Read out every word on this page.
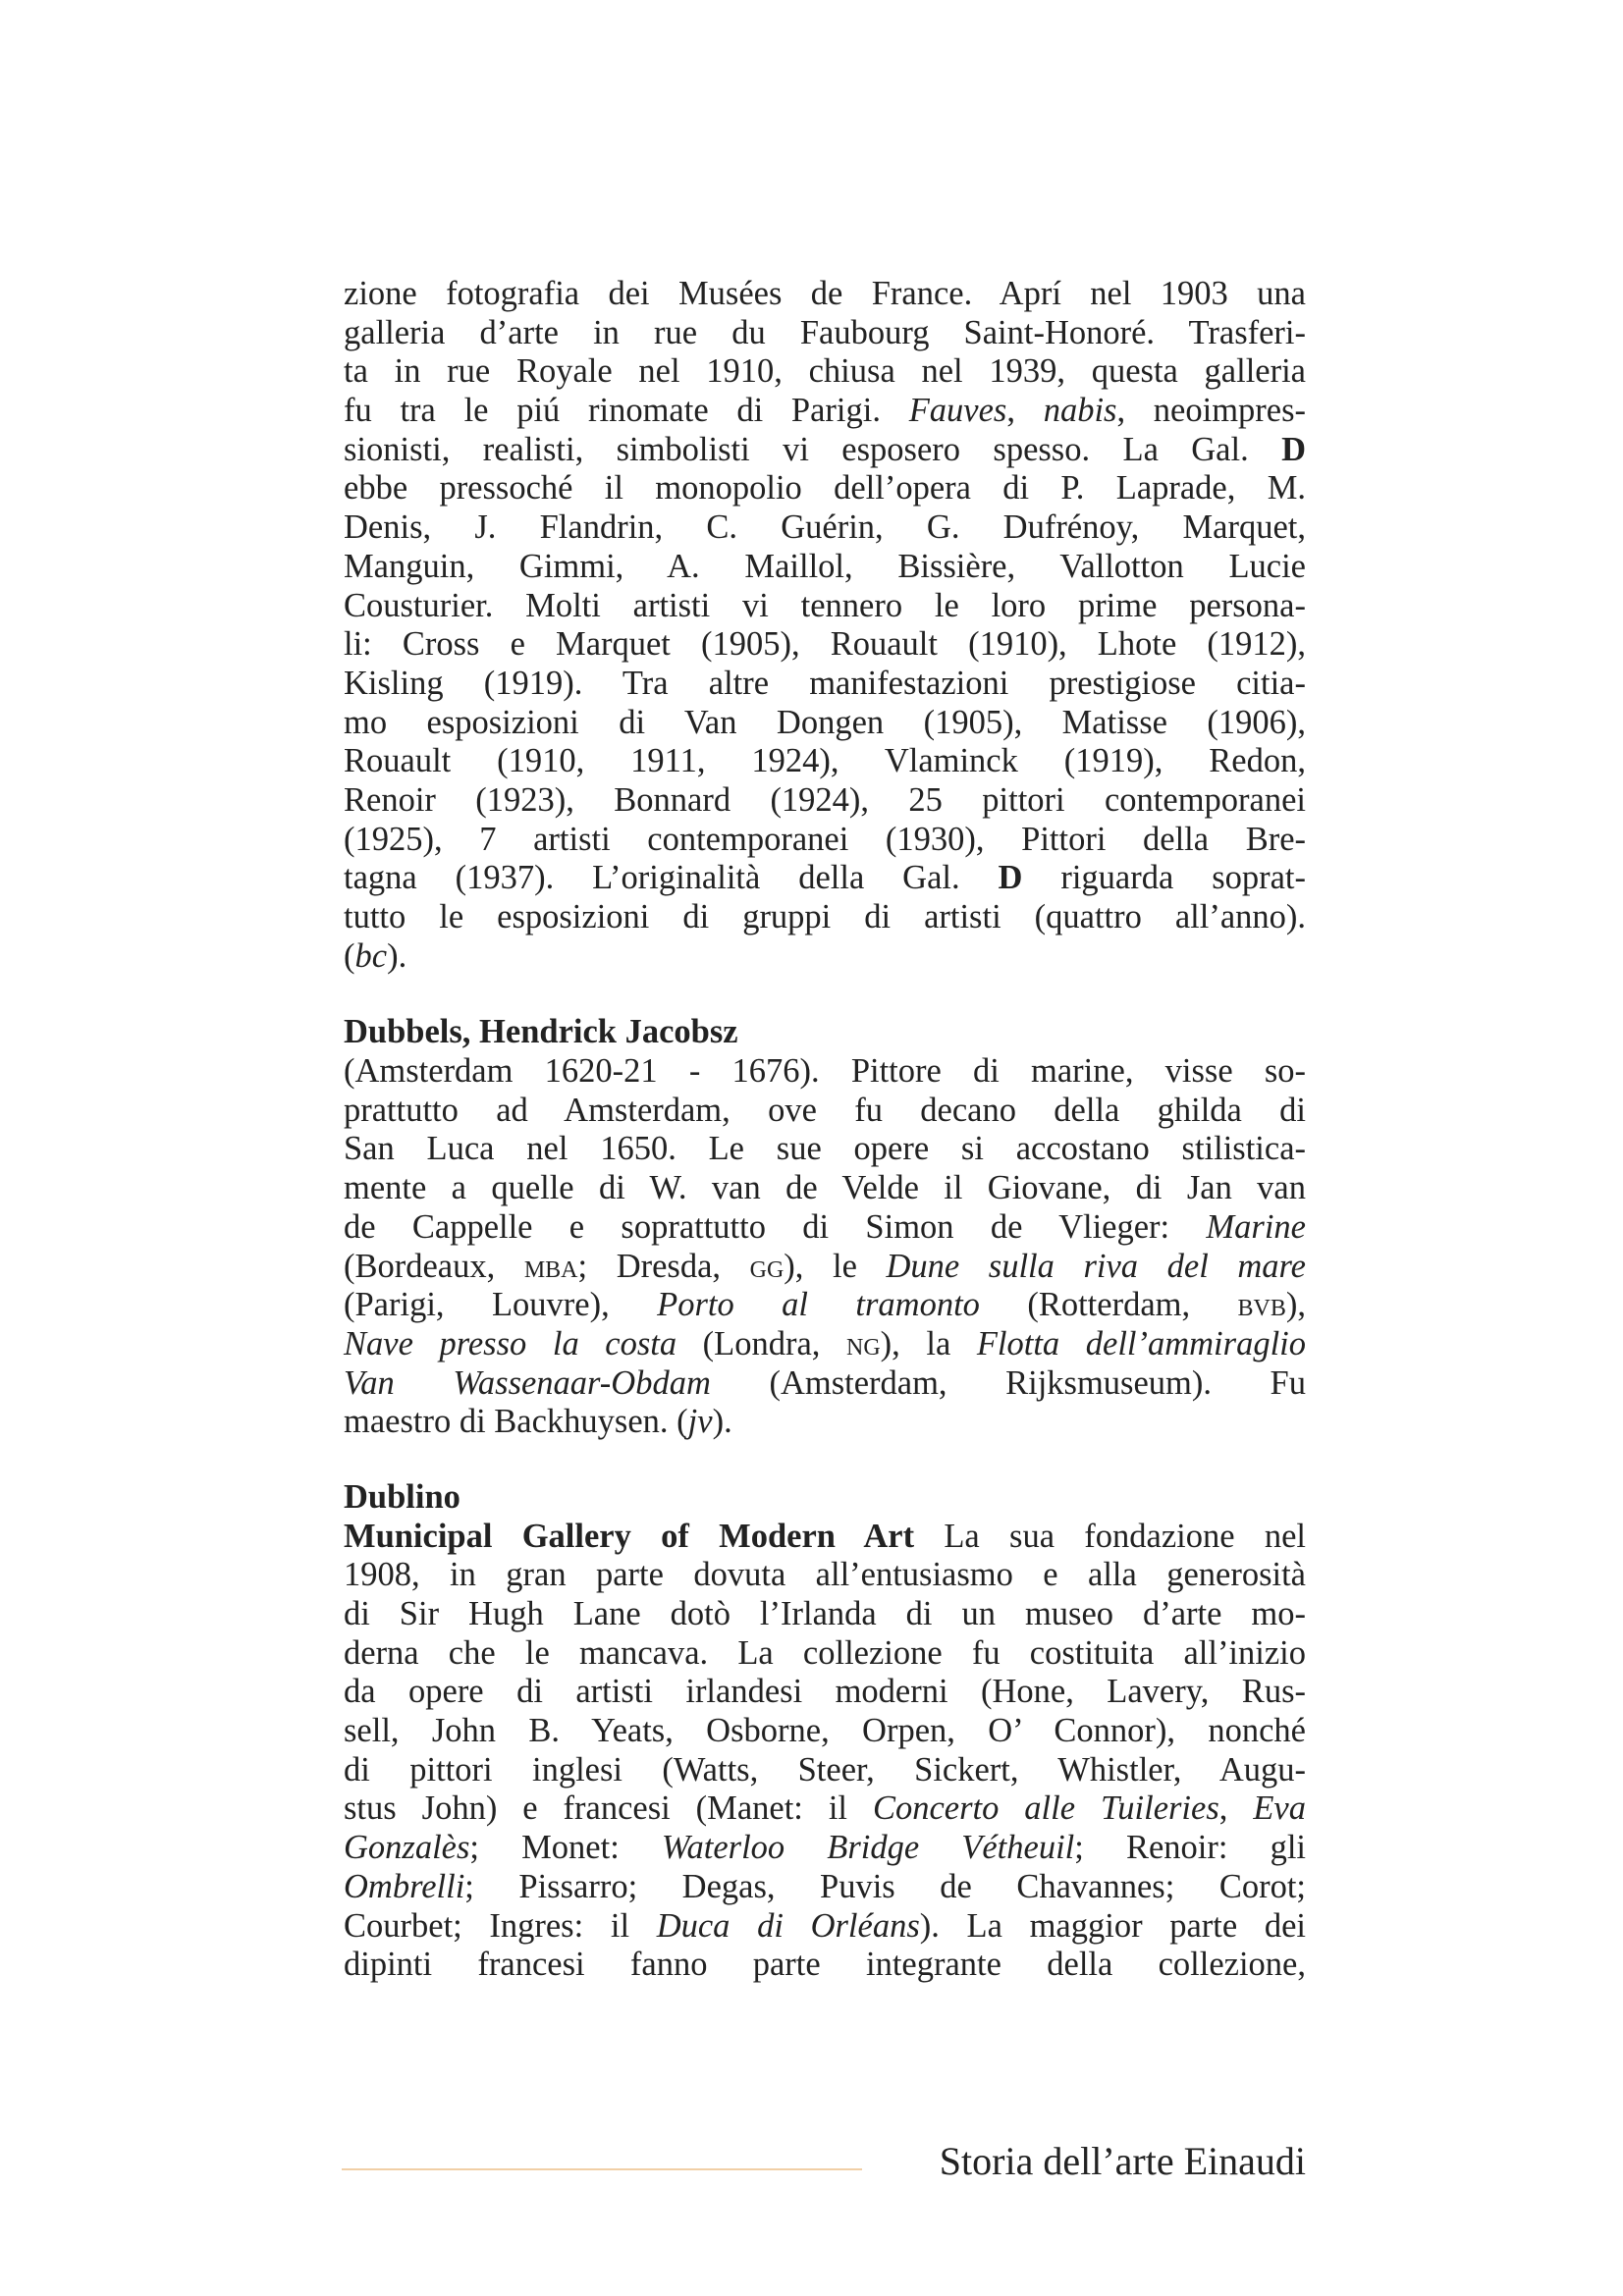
zione fotografia dei Musées de France. Aprí nel 1903 una
galleria d’arte in rue du Faubourg Saint-Honoré. Trasferi-
ta in rue Royale nel 1910, chiusa nel 1939, questa galleria
fu tra le piú rinomate di Parigi. Fauves, nabis, neoimpres-
sionisti, realisti, simbolisti vi esposero spesso. La Gal. D
ebbe pressoché il monopolio dell’opera di P. Laprade, M.
Denis, J. Flandrin, C. Guérin, G. Dufrénoy, Marquet,
Manguin, Gimmi, A. Maillol, Bissière, Vallotton Lucie
Cousturier. Molti artisti vi tennero le loro prime persona-
li: Cross e Marquet (1905), Rouault (1910), Lhote (1912),
Kisling (1919). Tra altre manifestazioni prestigiose citia-
mo esposizioni di Van Dongen (1905), Matisse (1906),
Rouault (1910, 1911, 1924), Vlaminck (1919), Redon,
Renoir (1923), Bonnard (1924), 25 pittori contemporanei
(1925), 7 artisti contemporanei (1930), Pittori della Bre-
tagna (1937). L’originalità della Gal. D riguarda soprat-
tutto le esposizioni di gruppi di artisti (quattro all’anno).
(bc).
Dubbels, Hendrick Jacobsz
(Amsterdam 1620-21 - 1676). Pittore di marine, visse so-
prattutto ad Amsterdam, ove fu decano della ghilda di
San Luca nel 1650. Le sue opere si accostano stilistica-
mente a quelle di W. van de Velde il Giovane, di Jan van
de Cappelle e soprattutto di Simon de Vlieger: Marine
(Bordeaux, mba; Dresda, gg), le Dune sulla riva del mare
(Parigi, Louvre), Porto al tramonto (Rotterdam, bvb),
Nave presso la costa (Londra, ng), la Flotta dell’ammiraglio
Van Wassenaar-Obdam (Amsterdam, Rijksmuseum). Fu
maestro di Backhuysen. (jv).
Dublino
Municipal Gallery of Modern Art La sua fondazione nel
1908, in gran parte dovuta all’entusiasmo e alla generosità
di Sir Hugh Lane dotò l’Irlanda di un museo d’arte mo-
derna che le mancava. La collezione fu costituita all’inizio
da opere di artisti irlandesi moderni (Hone, Lavery, Rus-
sell, John B. Yeats, Osborne, Orpen, O’ Connor), nonché
di pittori inglesi (Watts, Steer, Sickert, Whistler, Augu-
stus John) e francesi (Manet: il Concerto alle Tuileries, Eva
Gonzalès; Monet: Waterloo Bridge Vétheuil; Renoir: gli
Ombrelli; Pissarro; Degas, Puvis de Chavannes; Corot;
Courbet; Ingres: il Duca di Orléans). La maggior parte dei
dipinti francesi fanno parte integrante della collezione,
Storia dell’arte Einaudi
